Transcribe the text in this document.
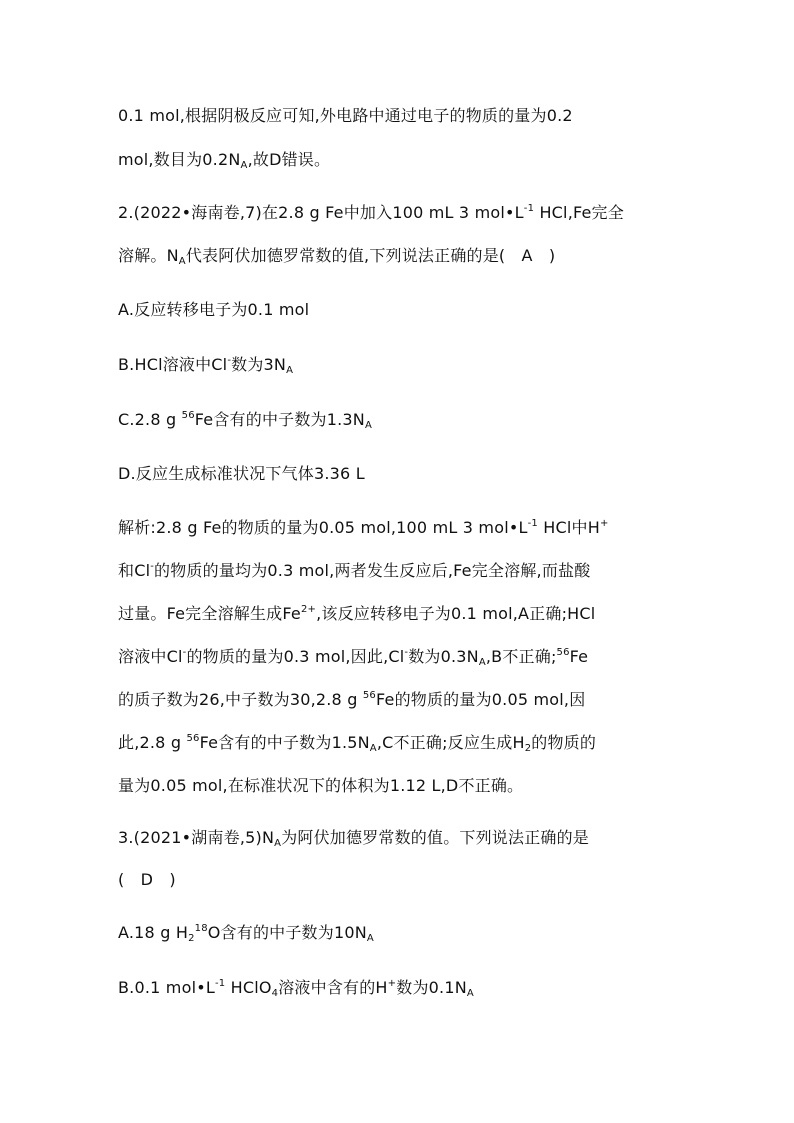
0.1 mol,根据阴极反应可知,外电路中通过电子的物质的量为0.2
mol,数目为$0.2N_A$,故D错误。
2.(2022•海南卷,7)在2.8 g Fe中加入100 mL 3 $mol•L^{-1}$ HCl,Fe完全
溶解。$N_A$代表阿伏加德罗常数的值,下列说法正确的是(　A　)
A.反应转移电子为0.1 mol
B.HCl溶液中Cl-数为$3N_A$
C.2.8 g $^{56}$Fe含有的中子数为$1.3N_A$
D.反应生成标准状况下气体3.36 L
解析:2.8 g Fe的物质的量为0.05 mol,100 mL 3 $mol•L^{-1}$ HCl中H+
和Cl-的物质的量均为0.3 mol,两者发生反应后,Fe完全溶解,而盐酸
过量。Fe完全溶解生成$Fe^{2+}$,该反应转移电子为0.1 mol,A正确;HCl
溶液中Cl-的物质的量为0.3 mol,因此,Cl-数为$0.3N_A,B$不正确;$^{56}$Fe
的质子数为26,中子数为30,2.8 g $^{56}$Fe的物质的量为0.05 mol,因
此,2.8 g $^{56}$Fe含有的中子数为$1.5N_A,C$不正确;反应生成$H_2$的物质的
量为0.05 mol,在标准状况下的体积为1.12 L,D不正确。
3.(2021•湖南卷$,5)N_A$为阿伏加德罗常数的值。下列说法正确的是
(　D　)
A.18 g $H_2^{18}O$含有的中子数为$10N_A$
B.0.1 $mol•L^{-1}$ HClO$_4$溶液中含有的H+数为$0.1N_A$
